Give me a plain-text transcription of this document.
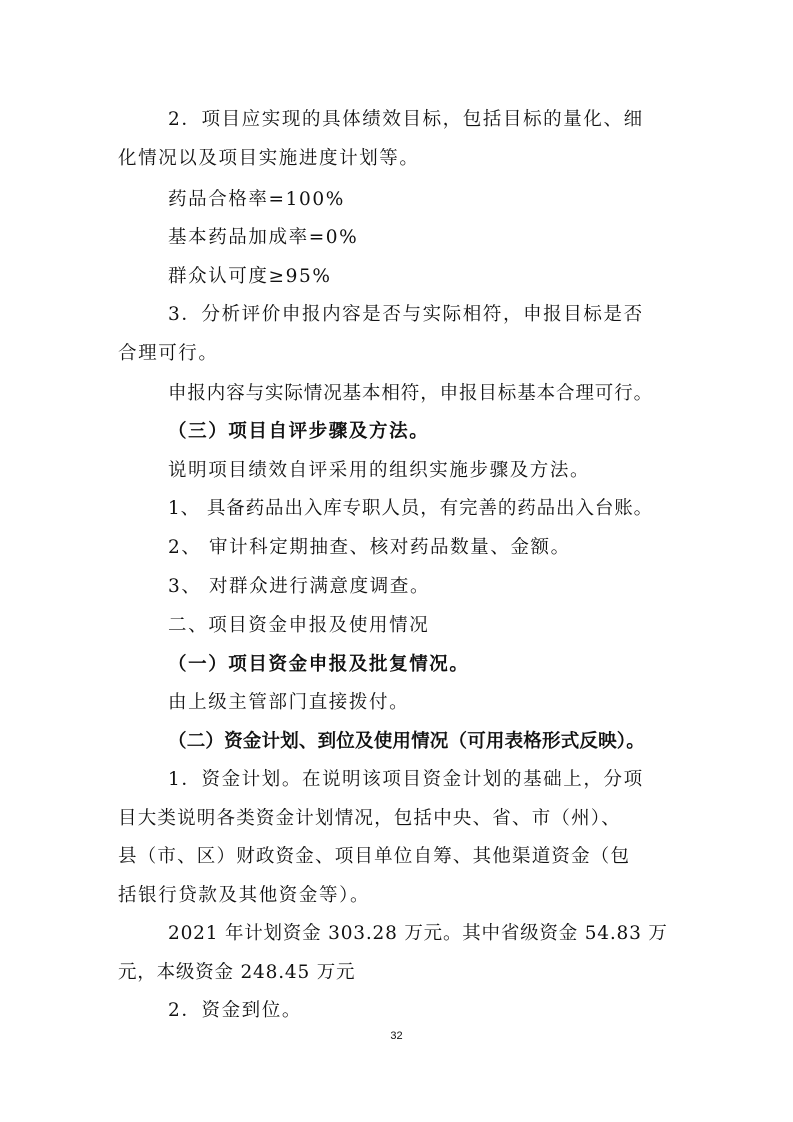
2．项目应实现的具体绩效目标，包括目标的量化、细
化情况以及项目实施进度计划等。
药品合格率=100%
基本药品加成率=0%
群众认可度≥95%
3．分析评价申报内容是否与实际相符，申报目标是否
合理可行。
申报内容与实际情况基本相符，申报目标基本合理可行。
（三）项目自评步骤及方法。
说明项目绩效自评采用的组织实施步骤及方法。
1、 具备药品出入库专职人员，有完善的药品出入台账。
2、 审计科定期抽查、核对药品数量、金额。
3、 对群众进行满意度调查。
二、项目资金申报及使用情况
（一）项目资金申报及批复情况。
由上级主管部门直接拨付。
（二）资金计划、到位及使用情况（可用表格形式反映）。
1．资金计划。在说明该项目资金计划的基础上，分项
目大类说明各类资金计划情况，包括中央、省、市（州）、
县（市、区）财政资金、项目单位自筹、其他渠道资金（包
括银行贷款及其他资金等）。
2021 年计划资金 303.28 万元。其中省级资金 54.83 万
元，本级资金 248.45 万元
2．资金到位。
32
